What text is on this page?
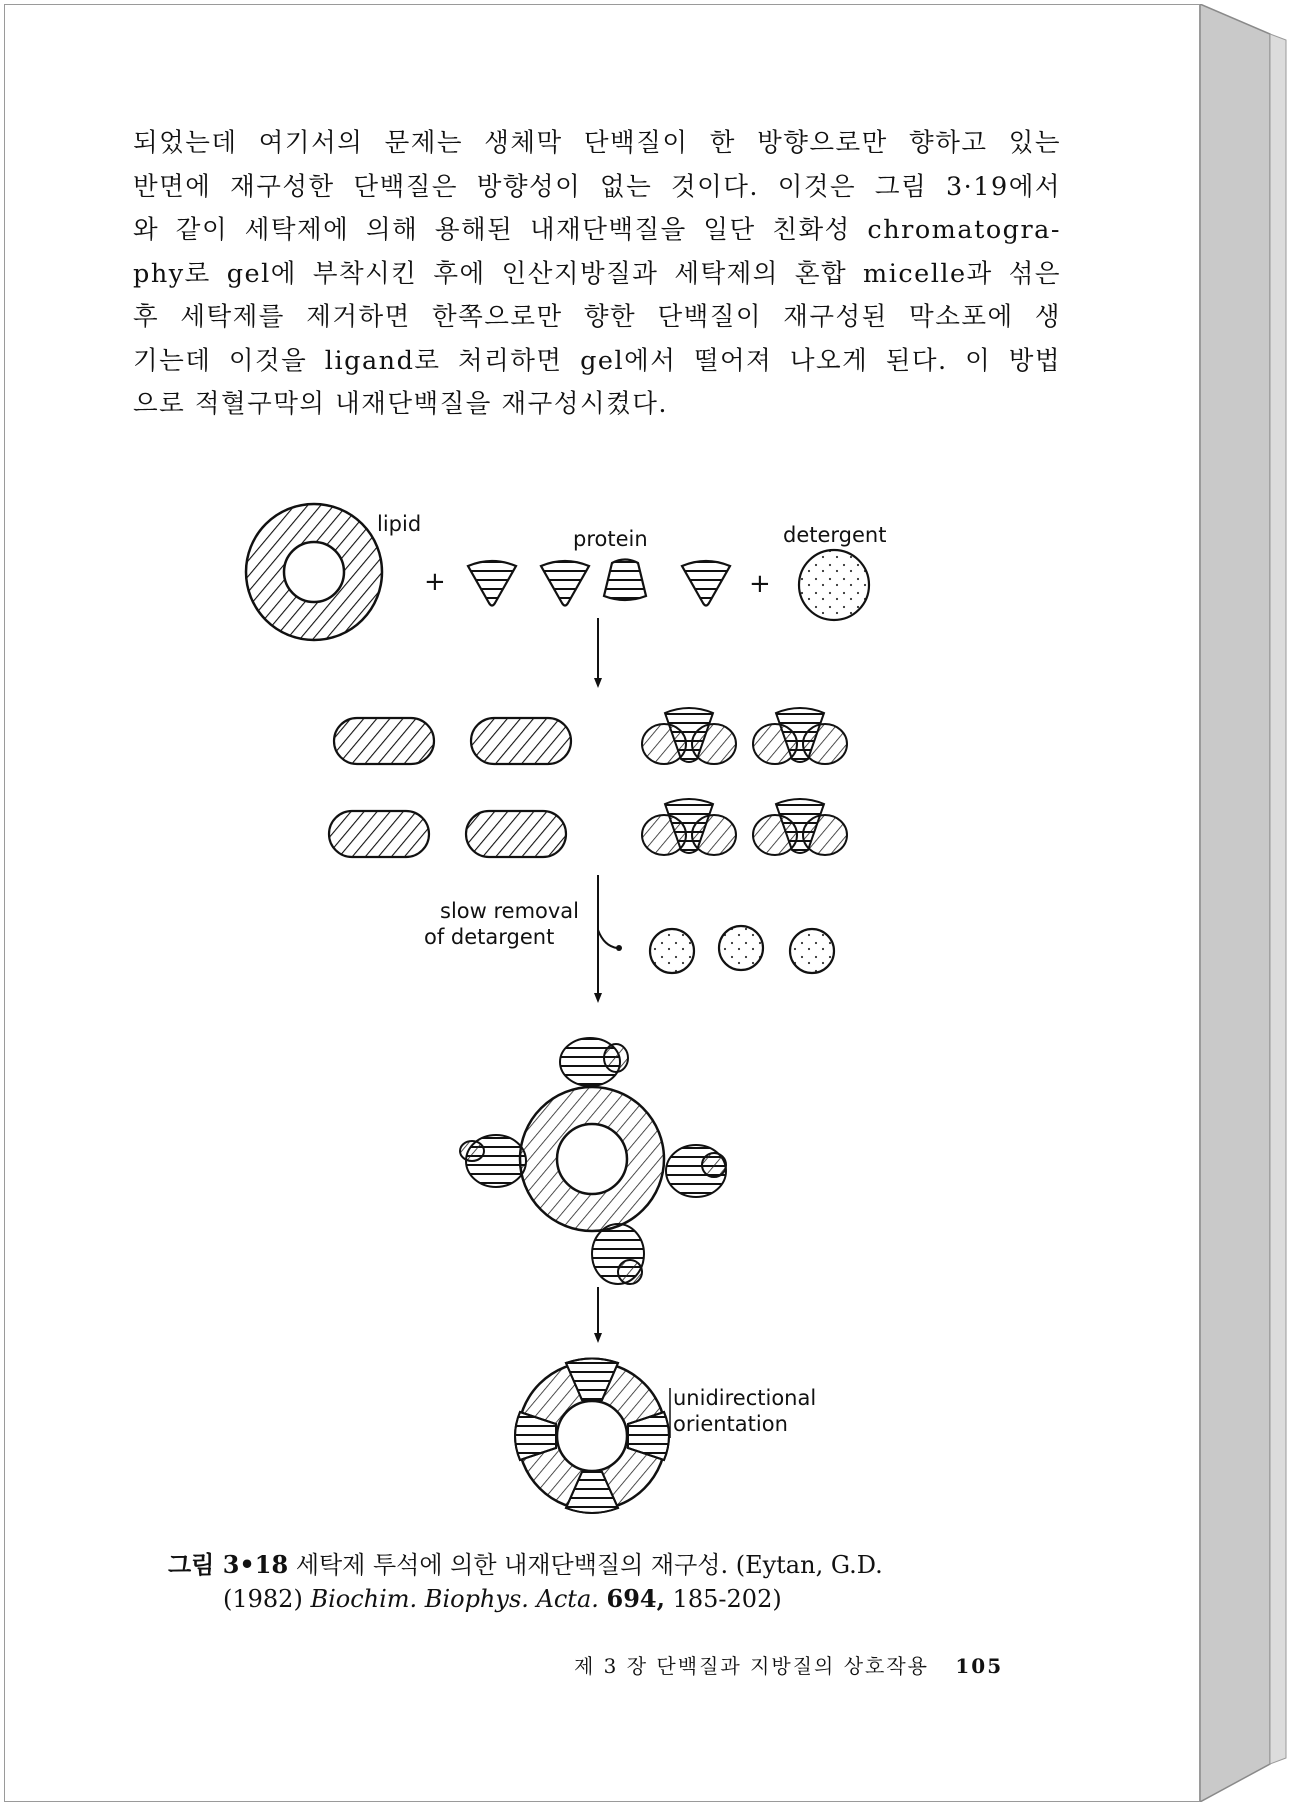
되었는데 여기서의 문제는 생체막 단백질이 한 방향으로만 향하고 있는
반면에 재구성한 단백질은 방향성이 없는 것이다. 이것은 그림 3·19에서
와 같이 세탁제에 의해 용해된 내재단백질을 일단 친화성 chromatogra-
phy로 gel에 부착시킨 후에 인산지방질과 세탁제의 혼합 micelle과 섞은
후 세탁제를 제거하면 한쪽으로만 향한 단백질이 재구성된 막소포에 생
기는데 이것을 ligand로 처리하면 gel에서 떨어져 나오게 된다. 이 방법
으로 적혈구막의 내재단백질을 재구성시켰다.
lipid
protein	detergent
+	+
slow removal
of detargent
unidirectional
orientation
그림 3•18 세탁제 투석에 의한 내재단백질의 재구성. (Eytan, G.D.
(1982) Biochim. Biophys. Acta. 694, 185-202)
제 3 장 단백질과 지방질의 상호작용 105
